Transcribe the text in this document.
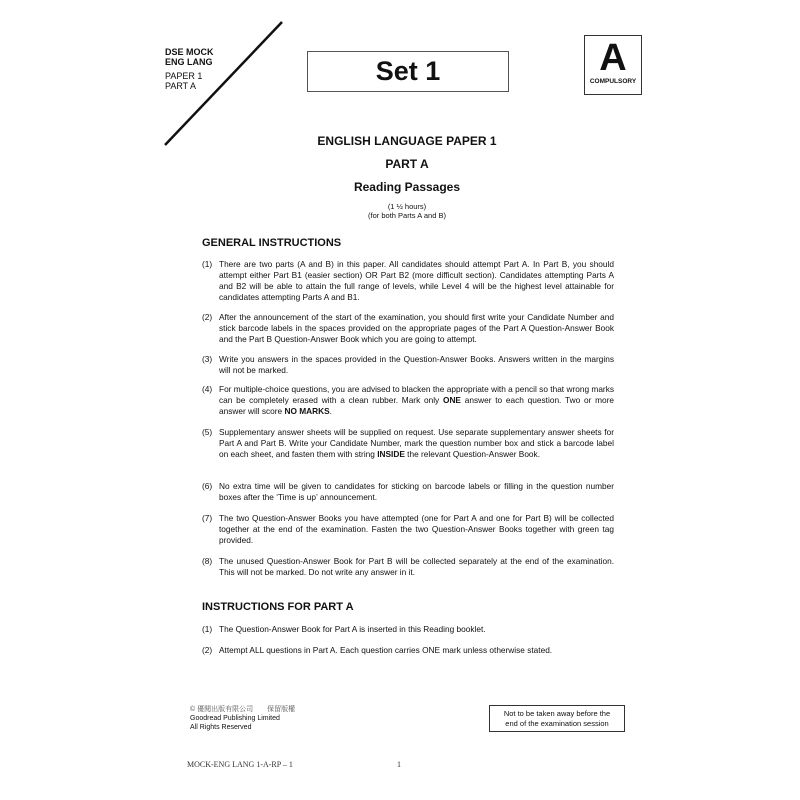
DSE MOCK
ENG LANG
PAPER 1
PART A	Set 1	A
COMPULSORY
ENGLISH LANGUAGE PAPER 1
PART A
Reading Passages
(1 ½ hours)
(for both Parts A and B)
GENERAL INSTRUCTIONS
(1) There are two parts (A and B) in this paper. All candidates should attempt Part A. In Part B, you should attempt either Part B1 (easier section) OR Part B2 (more difficult section). Candidates attempting Parts A and B2 will be able to attain the full range of levels, while Level 4 will be the highest level attainable for candidates attempting Parts A and B1.
(2) After the announcement of the start of the examination, you should first write your Candidate Number and stick barcode labels in the spaces provided on the appropriate pages of the Part A Question-Answer Book and the Part B Question-Answer Book which you are going to attempt.
(3) Write you answers in the spaces provided in the Question-Answer Books. Answers written in the margins will not be marked.
(4) For multiple-choice questions, you are advised to blacken the appropriate with a pencil so that wrong marks can be completely erased with a clean rubber. Mark only ONE answer to each question. Two or more answer will score NO MARKS.
(5) Supplementary answer sheets will be supplied on request. Use separate supplementary answer sheets for Part A and Part B. Write your Candidate Number, mark the question number box and stick a barcode label on each sheet, and fasten them with string INSIDE the relevant Question-Answer Book.
(6) No extra time will be given to candidates for sticking on barcode labels or filling in the question number boxes after the ‘Time is up’ announcement.
(7) The two Question-Answer Books you have attempted (one for Part A and one for Part B) will be collected together at the end of the examination. Fasten the two Question-Answer Books together with green tag provided.
(8) The unused Question-Answer Book for Part B will be collected separately at the end of the examination. This will not be marked. Do not write any answer in it.
INSTRUCTIONS FOR PART A
(1) The Question-Answer Book for Part A is inserted in this Reading booklet.
(2) Attempt ALL questions in Part A. Each question carries ONE mark unless otherwise stated.
© 優閱出版有限公司　　保留版權
Goodread Publishing Limited
All Rights Reserved
Not to be taken away before the
end of the examination session
MOCK-ENG LANG 1-A-RP – 1	1
